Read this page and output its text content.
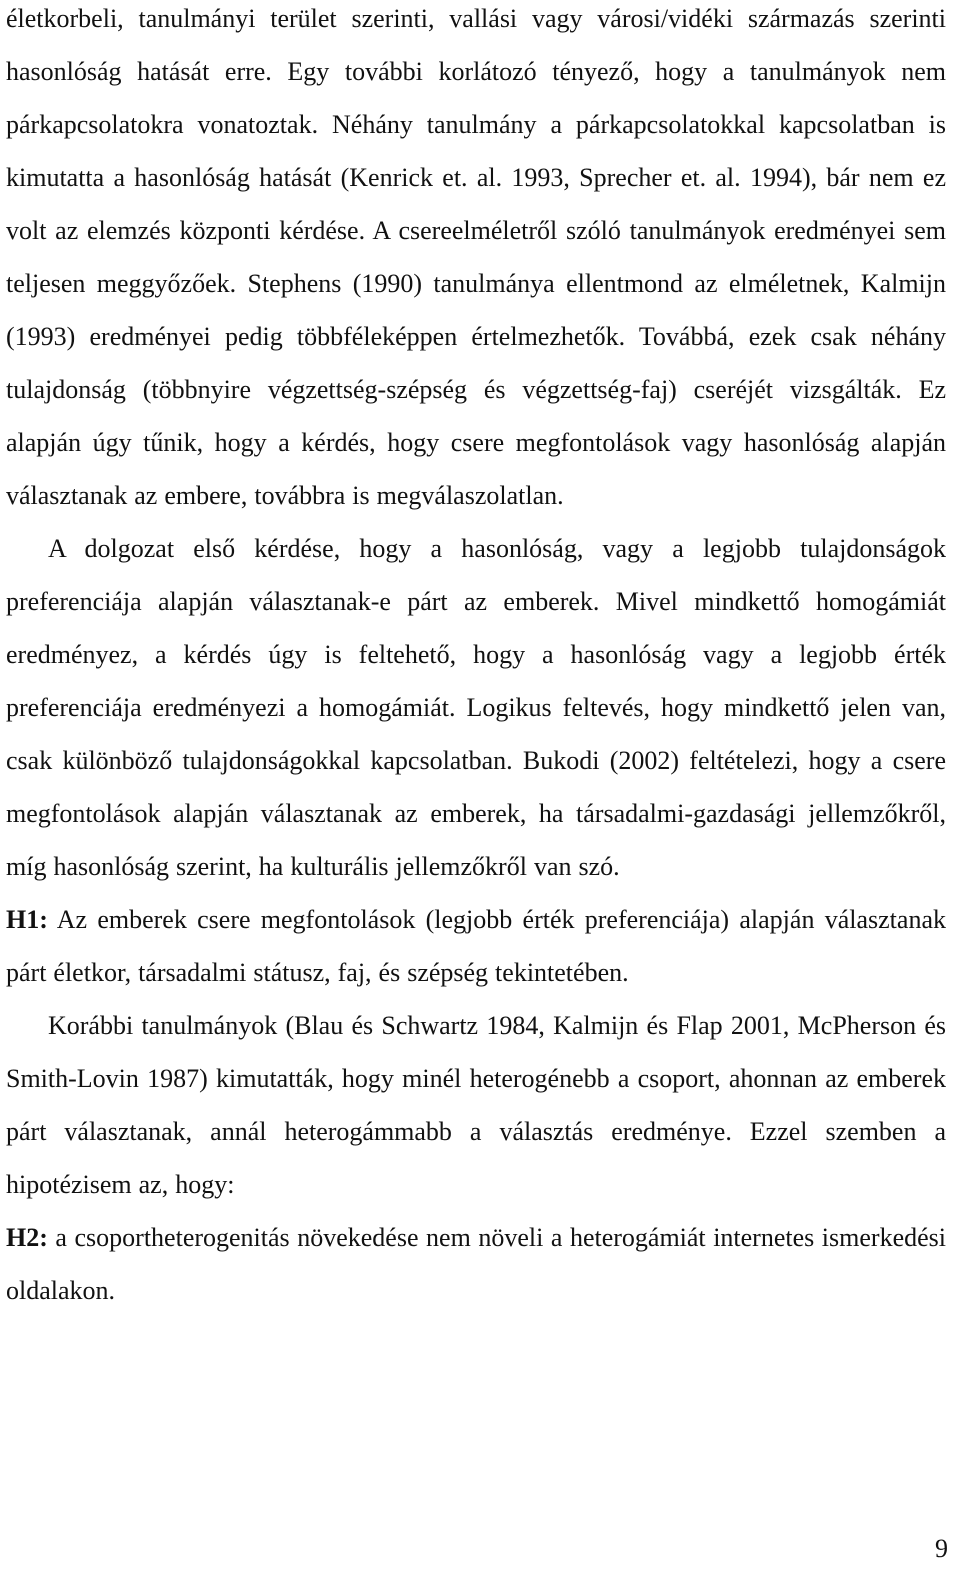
életkorbeli, tanulmányi terület szerinti, vallási vagy városi/vidéki származás szerinti hasonlóság hatását erre. Egy további korlátozó tényező, hogy a tanulmányok nem párkapcsolatokra vonatoztak. Néhány tanulmány a párkapcsolatokkal kapcsolatban is kimutatta a hasonlóság hatását (Kenrick et. al. 1993, Sprecher et. al. 1994), bár nem ez volt az elemzés központi kérdése. A csereelméletről szóló tanulmányok eredményei sem teljesen meggyőzőek. Stephens (1990) tanulmánya ellentmond az elméletnek, Kalmijn (1993) eredményei pedig többféleképpen értelmezhetők. Továbbá, ezek csak néhány tulajdonság (többnyire végzettség-szépség és végzettség-faj) cseréjét vizsgálták. Ez alapján úgy tűnik, hogy a kérdés, hogy csere megfontolások vagy hasonlóság alapján választanak az embere, továbbra is megválaszolatlan.

A dolgozat első kérdése, hogy a hasonlóság, vagy a legjobb tulajdonságok preferenciája alapján választanak-e párt az emberek. Mivel mindkettő homogámiát eredményez, a kérdés úgy is feltehető, hogy a hasonlóság vagy a legjobb érték preferenciája eredményezi a homogámiát. Logikus feltevés, hogy mindkettő jelen van, csak különböző tulajdonságokkal kapcsolatban. Bukodi (2002) feltételezi, hogy a csere megfontolások alapján választanak az emberek, ha társadalmi-gazdasági jellemzőkről, míg hasonlóság szerint, ha kulturális jellemzőkről van szó.

H1: Az emberek csere megfontolások (legjobb érték preferenciája) alapján választanak párt életkor, társadalmi státusz, faj, és szépség tekintetében.

Korábbi tanulmányok (Blau és Schwartz 1984, Kalmijn és Flap 2001, McPherson és Smith-Lovin 1987) kimutatták, hogy minél heterogénebb a csoport, ahonnan az emberek párt választanak, annál heterogámmabb a választás eredménye. Ezzel szemben a hipotézisem az, hogy:

H2: a csoportheterogenitás növekedése nem növeli a heterogámiát internetes ismerkedési oldalakon.

9
